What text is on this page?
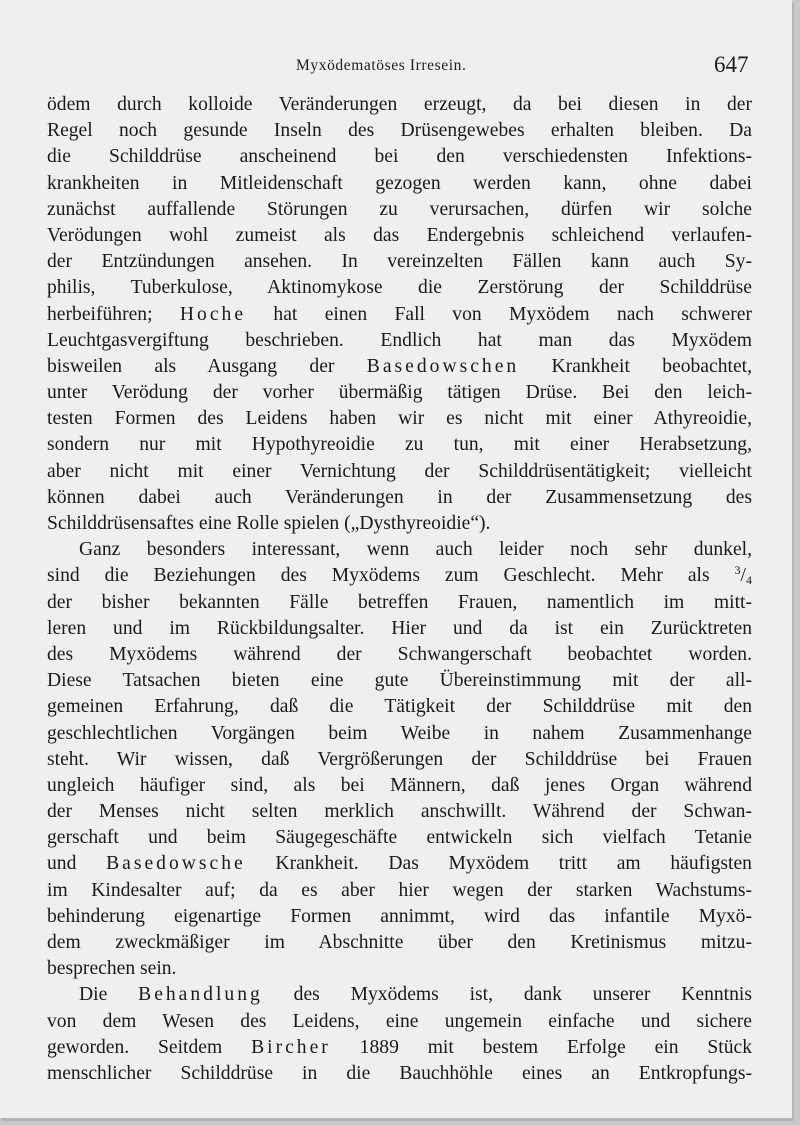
Myxödematöses Irresein.	647
ödem durch kolloide Veränderungen erzeugt, da bei diesen in der
Regel noch gesunde Inseln des Drüsengewebes erhalten bleiben. Da
die Schilddrüse anscheinend bei den verschiedensten Infektions-
krankheiten in Mitleidenschaft gezogen werden kann, ohne dabei
zunächst auffallende Störungen zu verursachen, dürfen wir solche
Verödungen wohl zumeist als das Endergebnis schleichend verlaufen-
der Entzündungen ansehen. In vereinzelten Fällen kann auch Sy-
philis, Tuberkulose, Aktinomykose die Zerstörung der Schilddrüse
herbeiführen; Hoche hat einen Fall von Myxödem nach schwerer
Leuchtgasvergiftung beschrieben. Endlich hat man das Myxödem
bisweilen als Ausgang der Basedowschen Krankheit beobachtet,
unter Verödung der vorher übermäßig tätigen Drüse. Bei den leich-
testen Formen des Leidens haben wir es nicht mit einer Athyreoidie,
sondern nur mit Hypothyreoidie zu tun, mit einer Herabsetzung,
aber nicht mit einer Vernichtung der Schilddrüsentätigkeit; vielleicht
können dabei auch Veränderungen in der Zusammensetzung des
Schilddrüsensaftes eine Rolle spielen („Dysthyreoidie“).
Ganz besonders interessant, wenn auch leider noch sehr dunkel,
sind die Beziehungen des Myxödems zum Geschlecht. Mehr als $^3/_4$
der bisher bekannten Fälle betreffen Frauen, namentlich im mitt-
leren und im Rückbildungsalter. Hier und da ist ein Zurücktreten
des Myxödems während der Schwangerschaft beobachtet worden.
Diese Tatsachen bieten eine gute Übereinstimmung mit der all-
gemeinen Erfahrung, daß die Tätigkeit der Schilddrüse mit den
geschlechtlichen Vorgängen beim Weibe in nahem Zusammenhange
steht. Wir wissen, daß Vergrößerungen der Schilddrüse bei Frauen
ungleich häufiger sind, als bei Männern, daß jenes Organ während
der Menses nicht selten merklich anschwillt. Während der Schwan-
gerschaft und beim Säugegeschäfte entwickeln sich vielfach Tetanie
und Basedowsche Krankheit. Das Myxödem tritt am häufigsten
im Kindesalter auf; da es aber hier wegen der starken Wachstums-
behinderung eigenartige Formen annimmt, wird das infantile Myxö-
dem zweckmäßiger im Abschnitte über den Kretinismus mitzu-
besprechen sein.
Die Behandlung des Myxödems ist, dank unserer Kenntnis
von dem Wesen des Leidens, eine ungemein einfache und sichere
geworden. Seitdem Bircher 1889 mit bestem Erfolge ein Stück
menschlicher Schilddrüse in die Bauchhöhle eines an Entkropfungs-
